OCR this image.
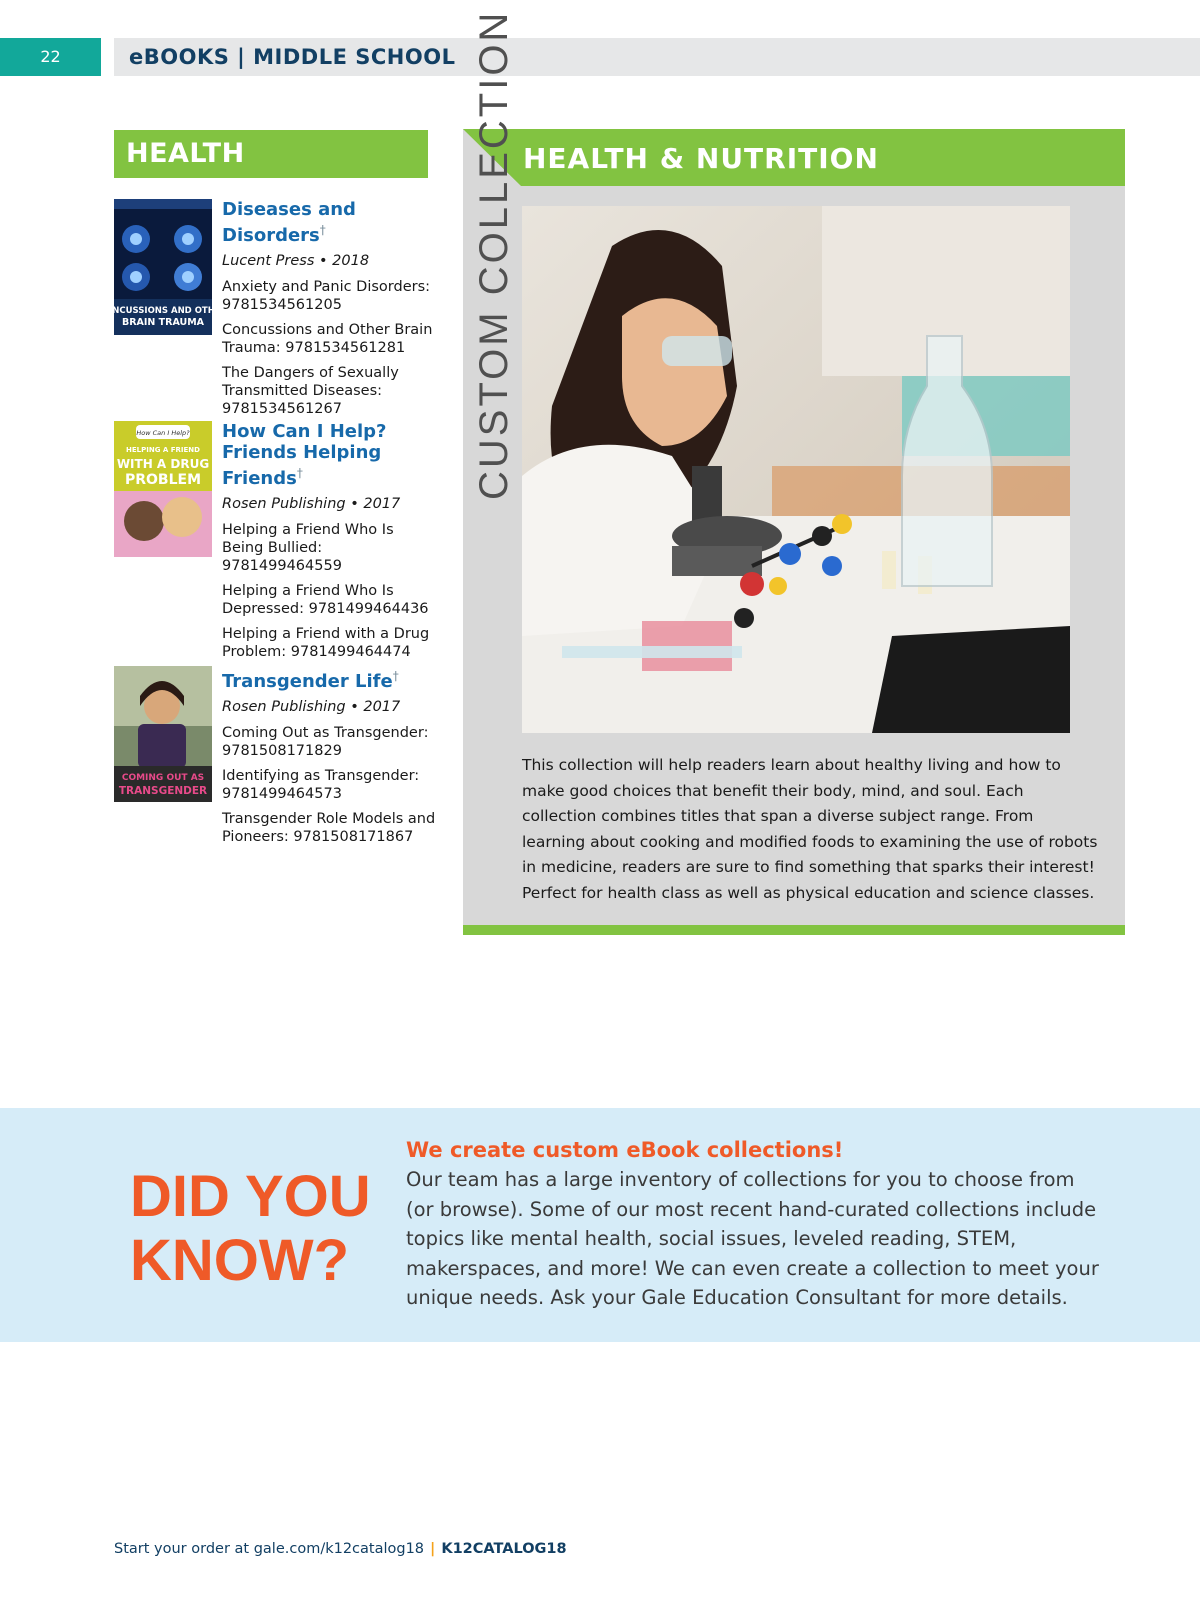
22	eBOOKS | MIDDLE SCHOOL
HEALTH
CONCUSSIONS AND OTHER
BRAIN TRAUMA
Diseases and Disorders†
Lucent Press • 2018
Anxiety and Panic Disorders:
9781534561205
Concussions and Other Brain Trauma: 9781534561281
The Dangers of Sexually Transmitted Diseases: 9781534561267
How Can I Help?
HELPING A FRIEND
WITH A DRUG
PROBLEM
How Can I Help? Friends Helping Friends†
Rosen Publishing • 2017
Helping a Friend Who Is Being Bullied: 9781499464559
Helping a Friend Who Is Depressed: 9781499464436
Helping a Friend with a Drug Problem: 9781499464474
COMING OUT AS
TRANSGENDER
Transgender Life†
Rosen Publishing • 2017
Coming Out as Transgender:
9781508171829
Identifying as Transgender:
9781499464573
Transgender Role Models and Pioneers: 9781508171867
HEALTH & NUTRITION
CUSTOM COLLECTION
This collection will help readers learn about healthy living and how to make good choices that benefit their body, mind, and soul. Each collection combines titles that span a diverse subject range. From learning about cooking and modified foods to examining the use of robots in medicine, readers are sure to find something that sparks their interest! Perfect for health class as well as physical education and science classes.
DID YOU
KNOW?
We create custom eBook collections!
Our team has a large inventory of collections for you to choose from (or browse). Some of our most recent hand-curated collections include topics like mental health, social issues, leveled reading, STEM, makerspaces, and more! We can even create a collection to meet your unique needs. Ask your Gale Education Consultant for more details.
Start your order at gale.com/k12catalog18 | K12CATALOG18
